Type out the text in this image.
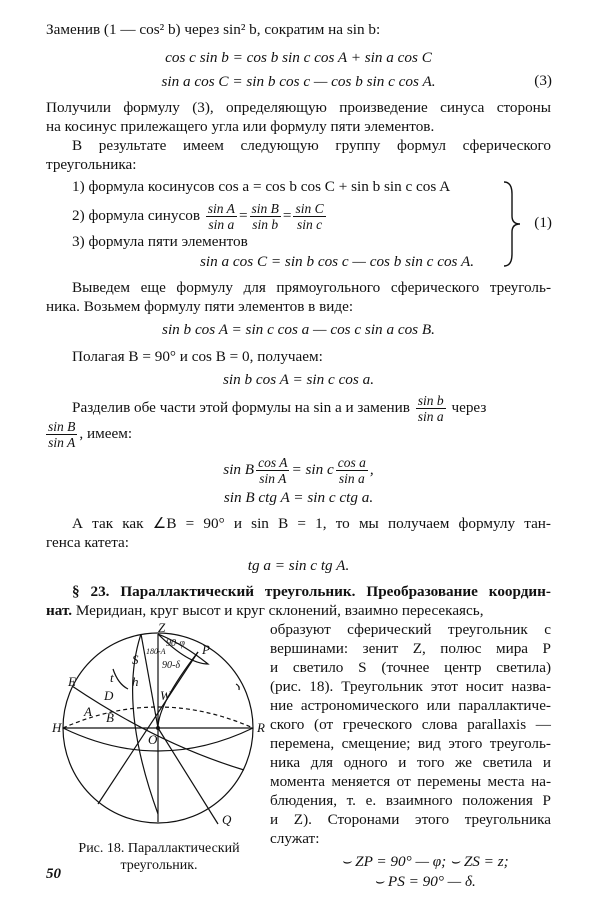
Заменив (1 — cos² b) через sin² b, сократим на sin b:
cos c sin b = cos b sin c cos A + sin a cos C
sin a cos C = sin b cos c — cos b sin c cos A.	(3)
Получили формулу (3), определяющую произведение синуса стороны
на косинус прилежащего угла или формулу пяти элементов.
В результате имеем следующую группу формул сферического
треугольника:
1) формула косинусов cos a = cos b cos C + sin b sin c cos A
2) формула синусов $\frac{\text{sin A}}{\text{sin a}} = \frac{\text{sin B}}{\text{sin b}} = \frac{\text{sin C}}{\text{sin c}}$
3) формула пяти элементов
sin a cos C = sin b cos c — cos b sin c cos A.
(1)
Выведем еще формулу для прямоугольного сферического треуголь-
ника. Возьмем формулу пяти элементов в виде:
sin b cos A = sin c cos a — cos c sin a cos B.
Полагая B = 90° и cos B = 0, получаем:
sin b cos A = sin c cos a.
Разделив обе части этой формулы на sin a и заменив $\frac{\text{sin b}}{\text{sin a}}$ через
$\frac{\text{sin B}}{\text{sin A}}$ , имеем:
sin B $\frac{\text{cos A}}{\text{sin A}} = \sin c \frac{\text{cos a}}{\text{sin a}}$ ,
sin B ctg A = sin c ctg a.
А так как ∠B = 90° и sin B = 1, то мы получаем формулу тан-
генса катета:
tg a = sin c tg A.
§ 23. Параллактический треугольник. Преобразование координ-
нат. Меридиан, круг высот и круг склонений, взаимно пересекаясь,
образуют сферический треугольник с
вершинами: зенит Z, полюс мира P
и светило S (точнее центр светила)
(рис. 18). Треугольник этот носит назва-
ние астрономического или параллактиче-
ского (от греческого слова parallaxis —
перемена, смещение; вид этого треуголь-
ника для одного и того же светила и
момента меняется от перемены места на-
блюдения, т. е. взаимного положения P
и Z). Сторонами этого треугольника
служат:
⌣ ZP = 90° — φ; ⌣ ZS = z;
⌣ PS = 90° — δ.
Z
P
S
E
H	R
Q
O
W
D
A B
t h
90-φ
90-δ
180-A
Рис. 18. Параллактический
треугольник.
50
